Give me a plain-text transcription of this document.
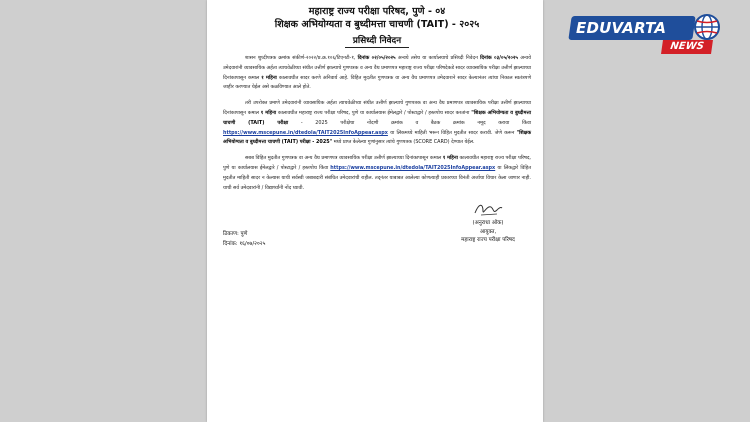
महाराष्ट्र राज्य परीक्षा परिषद, पुणे - ०४
शिक्षक अभियोग्यता व बुध्दीमत्ता चाचणी (TAIT) - २०२५
प्रसिध्दी निवेदन

शासन शुध्दीपत्रक क्रमांक संकीर्ण-२०२२/प्र.क्र.१०६/टिएनटी-१, दिनांक ०२/०५/२०२५ अन्वये तसेच या कार्यालयाचे प्रसिध्दी निवेदन दिनांक ०३/०५/२०२५ अन्वये उमेदवारांनी व्यावसायिक अर्हता त्याचवेळीच्या संधीत उत्तीर्ण झाल्याचे गुणपत्रक व अन्य वैध प्रमाणपत्र महाराष्ट्र राज्य परीक्षा परिषदेकडे सादर व्यावसायिक परीक्षा उत्तीर्ण झाल्याच्या दिनांकापासून कमाल १ महिना कालावधीत सादर करणे अनिवार्य आहे. विहित मुदतीत गुणपत्रक वा अन्य वैध प्रमाणपत्र उमेदवाराने सादर केल्यानंतर त्यांचा निकाल स्वतंत्रपणे जाहीर करण्यात येईल असे कळविण्यात आले होते.

तरी उपरोक्त प्रमाणे उमेदवारांनी व्यावसायिक अर्हता त्याचवेळीच्या संधीत उत्तीर्ण झाल्याचे गुणपत्रक वा अन्य वैध प्रमाणपत्र व्यावसायिक परीक्षा उत्तीर्ण झाल्याच्या दिनांकापासून कमाल १ महिना कालावधीत महाराष्ट्र राज्य परीक्षा परिषद, पुणे या कार्यालयास ईमेलद्वारे / पोस्टाद्वारे / हस्तपोच सादर करतांना "शिक्षक अभियोग्यता व बुध्दीमत्ता चाचणी (TAIT) परीक्षा	- 2025 परीक्षेचा नोंदणी क्रमांक व बैठक क्रमांक नमूद करावा किंवा https://www.mscepune.in/dtedola/TAIT2025InfoAppear.aspx या लिंकमध्ये माहिती भरून विहित मुदतीत सादर करावी. जेणे करून "शिक्षक अभियोग्यता व बुध्दीमत्ता चाचणी (TAIT) परीक्षा - 2025" मध्ये प्राप्त केलेल्या गुणांनुसार त्यांचे गुणपत्रक (SCORE CARD) देण्यात येईल.

सबब विहित मुदतीत गुणपत्रक वा अन्य वैध प्रमाणपत्र व्यावसायिक परीक्षा उत्तीर्ण झाल्याच्या दिनांकापासून कमाल १ महिना कालावधीत महाराष्ट्र राज्य परीक्षा परिषद, पुणे या कार्यालयास ईमेलद्वारे / पोस्टाद्वारे / हस्तपोच किंवा https://www.mscepune.in/dtedola/TAIT2025InfoAppear.aspx या लिंकद्वारे विहित मुदतीत माहिती सादर न केल्यास याची सर्वस्वी जबाबदारी संबंधित उमेदवारांची राहील. तद्नंतर याबाबत आलेल्या कोणत्याही प्रकारच्या विनंती अर्जाचा विचार केला जाणार नाही. याची सर्व उमेदवारांनी / विद्यार्थ्यांनी नोंद घ्यावी.

ठिकाण: पुणे
दिनांक: १६/०७/२०२५
(अनुराधा ओक)
आयुक्त,
महाराष्ट्र राज्य परीक्षा परिषद
EDUVARTA
NEWS
